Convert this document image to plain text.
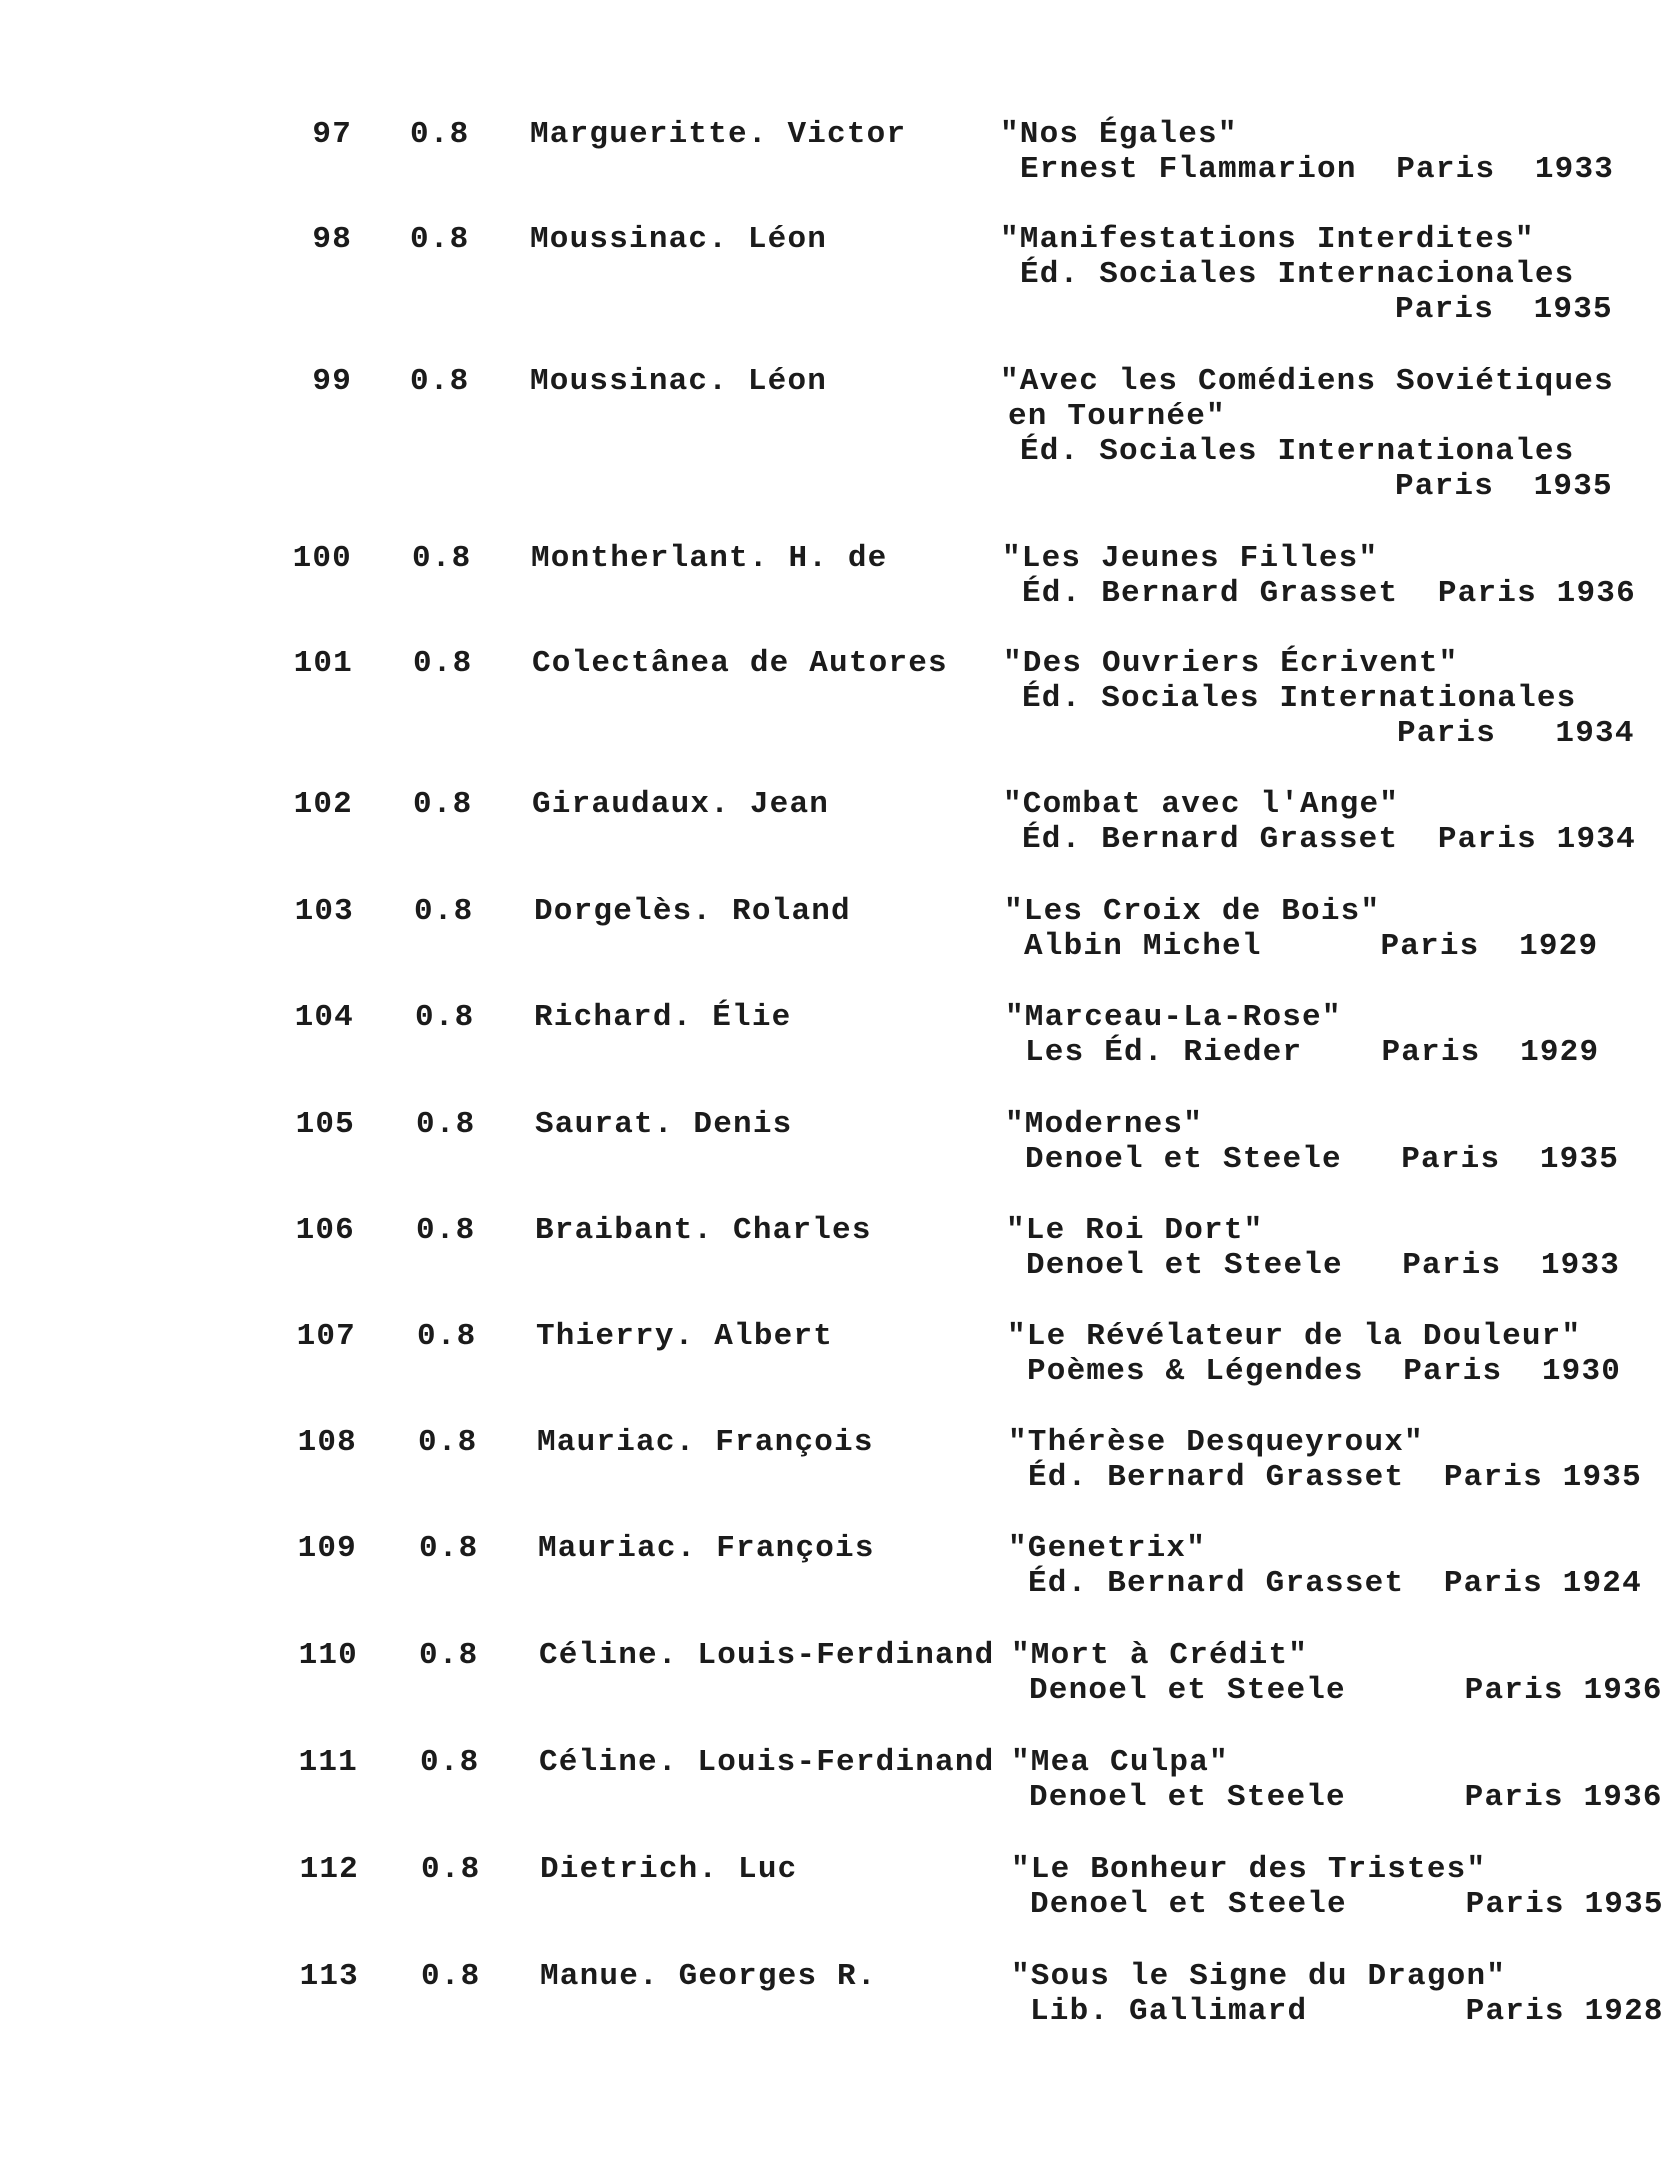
97 0.8 Margueritte. Victor	"Nos Égales"
Ernest Flammarion  Paris  1933
98 0.8 Moussinac. Léon	"Manifestations Interdites"
Éd. Sociales Internacionales
Paris  1935
99 0.8 Moussinac. Léon	"Avec les Comédiens Soviétiques
en Tournée"
Éd. Sociales Internationales
Paris  1935
100 0.8 Montherlant. H. de	"Les Jeunes Filles"
Éd. Bernard Grasset  Paris 1936
101 0.8 Colectânea de Autores "Des Ouvriers Écrivent"
Éd. Sociales Internationales
Paris   1934
102 0.8 Giraudaux. Jean	"Combat avec l'Ange"
Éd. Bernard Grasset  Paris 1934
103 0.8 Dorgelès. Roland	"Les Croix de Bois"
Albin Michel      Paris  1929
104 0.8 Richard. Élie	"Marceau-La-Rose"
Les Éd. Rieder    Paris  1929
105 0.8 Saurat. Denis	"Modernes"
Denoel et Steele   Paris  1935
106 0.8 Braibant. Charles	"Le Roi Dort"
Denoel et Steele   Paris  1933
107 0.8 Thierry. Albert	"Le Révélateur de la Douleur"
Poèmes & Légendes  Paris  1930
108 0.8 Mauriac. François	"Thérèse Desqueyroux"
Éd. Bernard Grasset  Paris 1935
109 0.8 Mauriac. François	"Genetrix"
Éd. Bernard Grasset  Paris 1924
110 0.8 Céline. Louis-Ferdinand "Mort à Crédit"
Denoel et Steele      Paris 1936
111 0.8 Céline. Louis-Ferdinand "Mea Culpa"
Denoel et Steele      Paris 1936
112 0.8 Dietrich. Luc	"Le Bonheur des Tristes"
Denoel et Steele      Paris 1935
113 0.8 Manue. Georges R.	"Sous le Signe du Dragon"
Lib. Gallimard        Paris 1928
